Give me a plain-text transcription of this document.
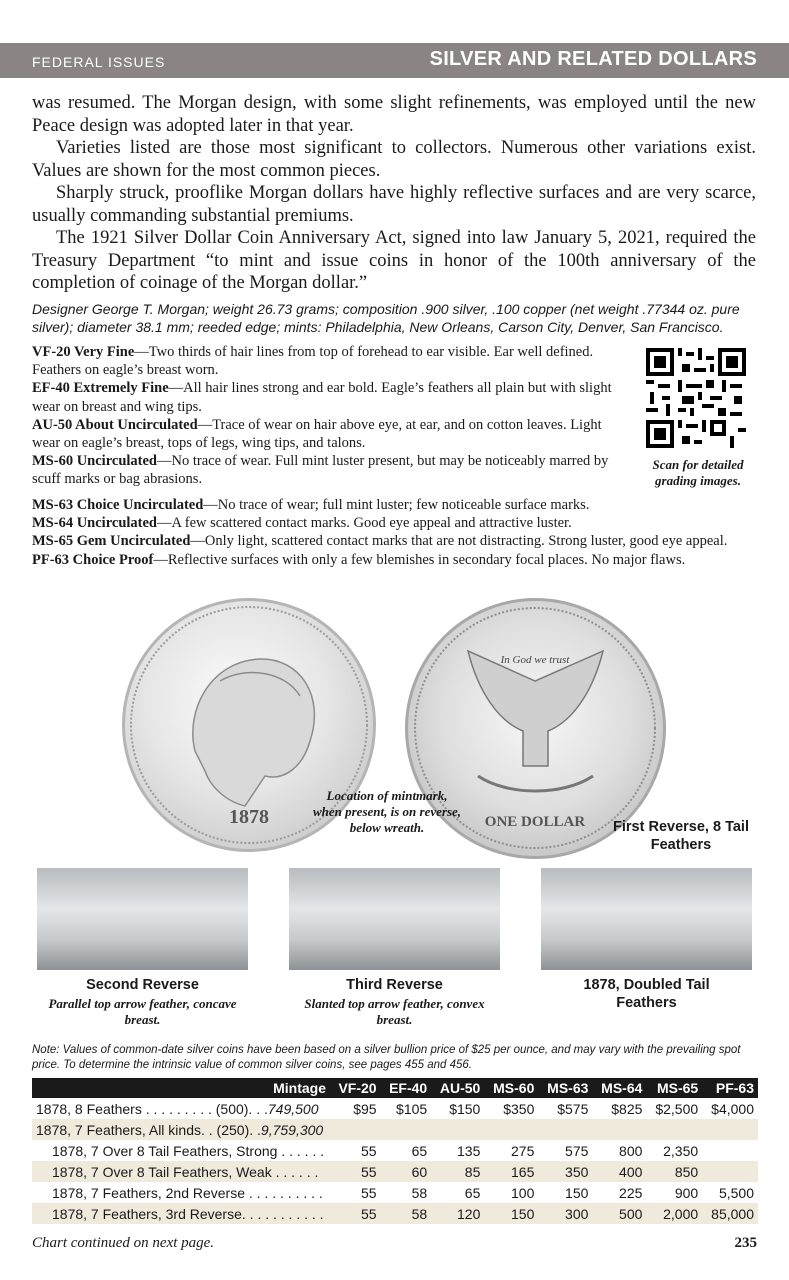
FEDERAL ISSUES	SILVER AND RELATED DOLLARS

was resumed. The Morgan design, with some slight refinements, was employed until the new Peace design was adopted later in that year.

Varieties listed are those most significant to collectors. Numerous other variations exist. Values are shown for the most common pieces.

Sharply struck, prooflike Morgan dollars have highly reflective surfaces and are very scarce, usually commanding substantial premiums.

The 1921 Silver Dollar Coin Anniversary Act, signed into law January 5, 2021, required the Treasury Department “to mint and issue coins in honor of the 100th anniversary of the completion of coinage of the Morgan dollar.”

Designer George T. Morgan; weight 26.73 grams; composition .900 silver, .100 copper (net weight .77344 oz. pure silver); diameter 38.1 mm; reeded edge; mints: Philadelphia, New Orleans, Carson City, Denver, San Francisco.

VF-20 Very Fine—Two thirds of hair lines from top of forehead to ear visible. Ear well defined. Feathers on eagle’s breast worn.

EF-40 Extremely Fine—All hair lines strong and ear bold. Eagle’s feathers all plain but with slight wear on breast and wing tips.

AU-50 About Uncirculated—Trace of wear on hair above eye, at ear, and on cotton leaves. Light wear on eagle’s breast, tops of legs, wing tips, and talons.

MS-60 Uncirculated—No trace of wear. Full mint luster present, but may be noticeably marred by scuff marks or bag abrasions.

MS-63 Choice Uncirculated—No trace of wear; full mint luster; few noticeable surface marks.

MS-64 Uncirculated—A few scattered contact marks. Good eye appeal and attractive luster.

MS-65 Gem Uncirculated—Only light, scattered contact marks that are not distracting. Strong luster, good eye appeal.

PF-63 Choice Proof—Reflective surfaces with only a few blemishes in secondary focal places. No major flaws.

Scan for detailed grading images.
1878
In God we trust
ONE DOLLAR
Location of mintmark, when present, is on reverse, below wreath.	First Reverse, 8 Tail Feathers
Second Reverse
Parallel top arrow feather, concave breast.
Third Reverse
Slanted top arrow feather, convex breast.
1878, Doubled Tail Feathers
Note: Values of common-date silver coins have been based on a silver bullion price of $25 per ounce, and may vary with the prevailing spot price. To determine the intrinsic value of common silver coins, see pages 455 and 456.
Mintage	VF-20	EF-40	AU-50	MS-60	MS-63	MS-64	MS-65	PF-63
1878, 8 Feathers . . . . . . . . . (500). . .749,500	$95	$105	$150	$350	$575	$825	$2,500	$4,000
1878, 7 Feathers, All kinds. . (250). .9,759,300								
1878, 7 Over 8 Tail Feathers, Strong . . . . . .	55	65	135	275	575	800	2,350	
1878, 7 Over 8 Tail Feathers, Weak . . . . . .	55	60	85	165	350	400	850	
1878, 7 Feathers, 2nd Reverse . . . . . . . . . .	55	58	65	100	150	225	900	5,500
1878, 7 Feathers, 3rd Reverse. . . . . . . . . . .	55	58	120	150	300	500	2,000	85,000
Chart continued on next page.	235
